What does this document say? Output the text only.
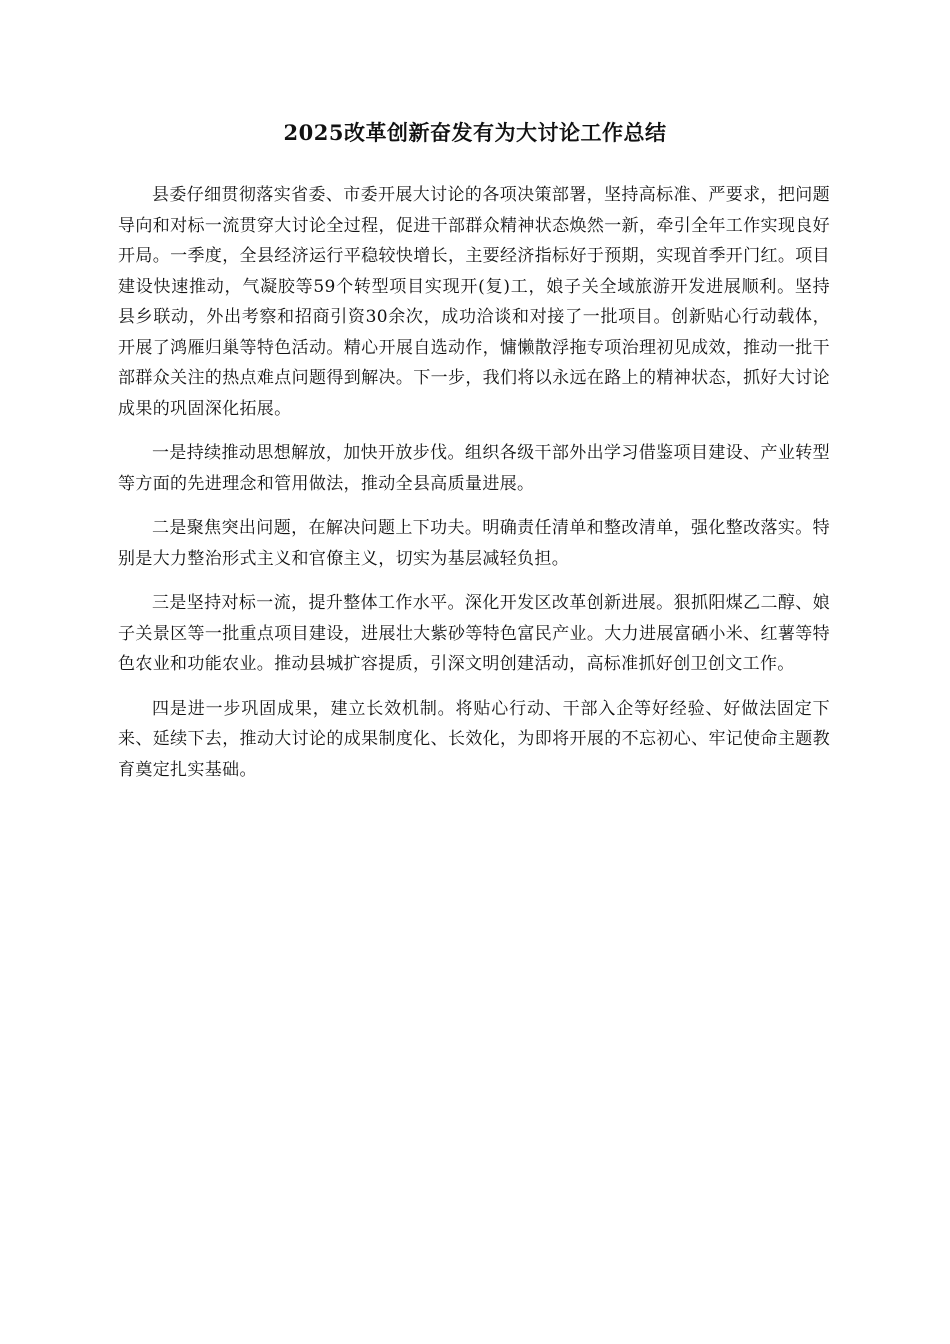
2025改革创新奋发有为大讨论工作总结

县委仔细贯彻落实省委、市委开展大讨论的各项决策部署，坚持高标准、严要求，把问题导向和对标一流贯穿大讨论全过程，促进干部群众精神状态焕然一新，牵引全年工作实现良好开局。一季度，全县经济运行平稳较快增长，主要经济指标好于预期，实现首季开门红。项目建设快速推动，气凝胶等59个转型项目实现开(复)工，娘子关全域旅游开发进展顺利。坚持县乡联动，外出考察和招商引资30余次，成功洽谈和对接了一批项目。创新贴心行动载体，开展了鸿雁归巢等特色活动。精心开展自选动作，慵懒散浮拖专项治理初见成效，推动一批干部群众关注的热点难点问题得到解决。下一步，我们将以永远在路上的精神状态，抓好大讨论成果的巩固深化拓展。

一是持续推动思想解放，加快开放步伐。组织各级干部外出学习借鉴项目建设、产业转型等方面的先进理念和管用做法，推动全县高质量进展。

二是聚焦突出问题，在解决问题上下功夫。明确责任清单和整改清单，强化整改落实。特别是大力整治形式主义和官僚主义，切实为基层减轻负担。

三是坚持对标一流，提升整体工作水平。深化开发区改革创新进展。狠抓阳煤乙二醇、娘子关景区等一批重点项目建设，进展壮大紫砂等特色富民产业。大力进展富硒小米、红薯等特色农业和功能农业。推动县城扩容提质，引深文明创建活动，高标准抓好创卫创文工作。

四是进一步巩固成果，建立长效机制。将贴心行动、干部入企等好经验、好做法固定下来、延续下去，推动大讨论的成果制度化、长效化，为即将开展的不忘初心、牢记使命主题教育奠定扎实基础。
